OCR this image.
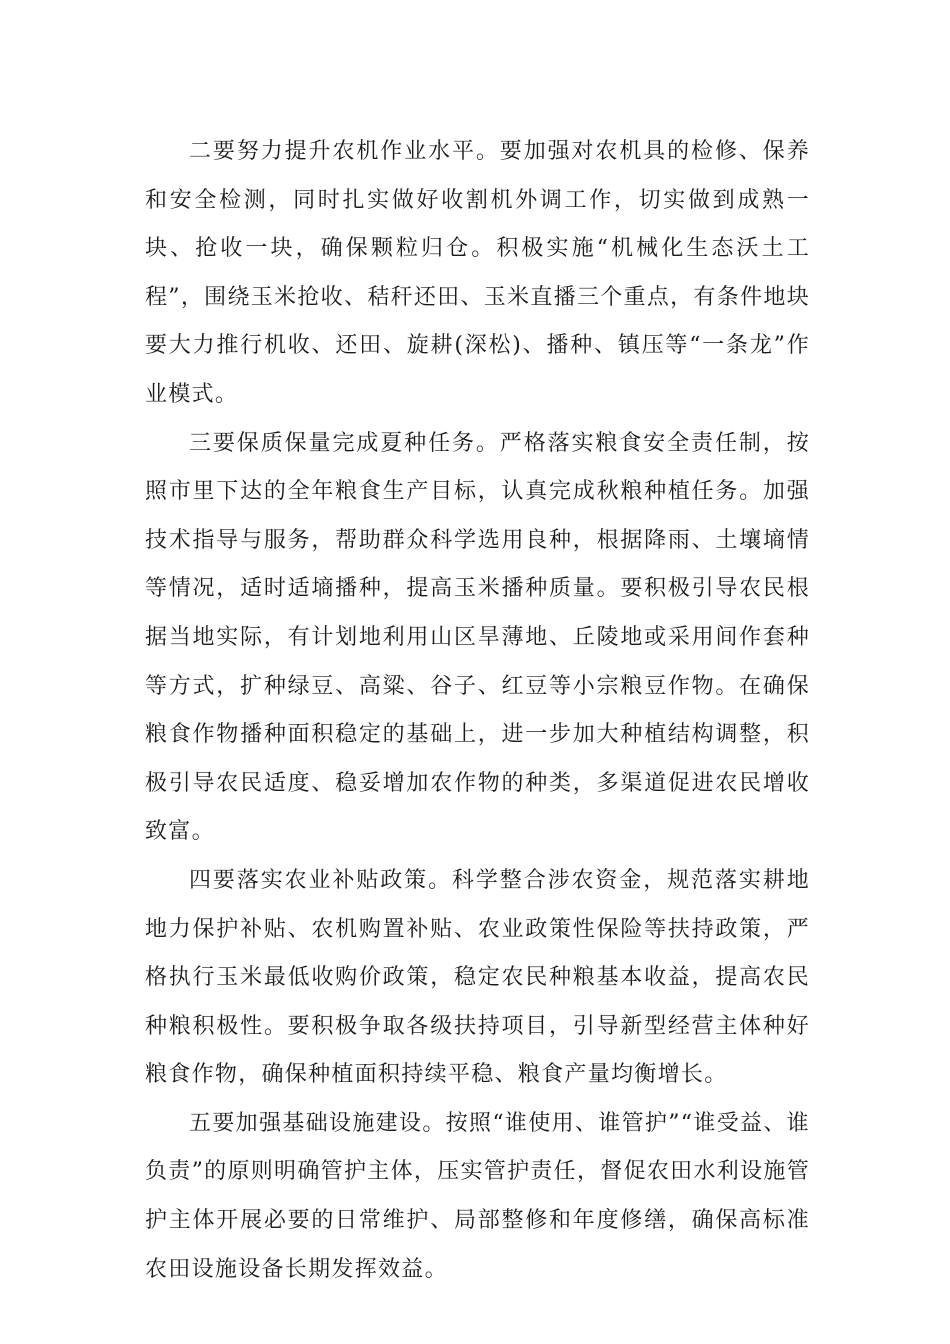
二要努力提升农机作业水平。要加强对农机具的检修、保养和安全检测，同时扎实做好收割机外调工作，切实做到成熟一块、抢收一块，确保颗粒归仓。积极实施“机械化生态沃土工程”，围绕玉米抢收、秸秆还田、玉米直播三个重点，有条件地块要大力推行机收、还田、旋耕(深松)、播种、镇压等“一条龙”作业模式。

三要保质保量完成夏种任务。严格落实粮食安全责任制，按照市里下达的全年粮食生产目标，认真完成秋粮种植任务。加强技术指导与服务，帮助群众科学选用良种，根据降雨、土壤墒情等情况，适时适墒播种，提高玉米播种质量。要积极引导农民根据当地实际，有计划地利用山区旱薄地、丘陵地或采用间作套种等方式，扩种绿豆、高粱、谷子、红豆等小宗粮豆作物。在确保粮食作物播种面积稳定的基础上，进一步加大种植结构调整，积极引导农民适度、稳妥增加农作物的种类，多渠道促进农民增收致富。

四要落实农业补贴政策。科学整合涉农资金，规范落实耕地地力保护补贴、农机购置补贴、农业政策性保险等扶持政策，严格执行玉米最低收购价政策，稳定农民种粮基本收益，提高农民种粮积极性。要积极争取各级扶持项目，引导新型经营主体种好粮食作物，确保种植面积持续平稳、粮食产量均衡增长。

五要加强基础设施建设。按照“谁使用、谁管护”“谁受益、谁负责”的原则明确管护主体，压实管护责任，督促农田水利设施管护主体开展必要的日常维护、局部整修和年度修缮，确保高标准农田设施设备长期发挥效益。
